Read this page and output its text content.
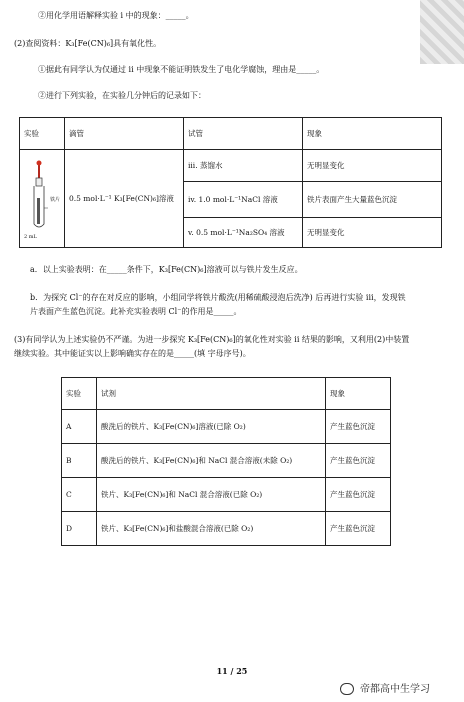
②用化学用语解释实验 i 中的现象：_____。
(2)查阅资料：K₃[Fe(CN)₆]具有氧化性。
①据此有同学认为仅通过 ii 中现象不能证明铁发生了电化学腐蚀，理由是_____。
②进行下列实验，在实验几分钟后的记录如下：
实验	滴管	试管	现象

铁片
2 mL	0.5 mol·L⁻¹ K₃[Fe(CN)₆]溶液	iii. 蒸馏水	无明显变化
		iv. 1.0 mol·L⁻¹NaCl 溶液	铁片表面产生大量蓝色沉淀
		v. 0.5 mol·L⁻¹Na₂SO₄ 溶液	无明显变化
a．以上实验表明：在_____条件下，K₃[Fe(CN)₆]溶液可以与铁片发生反应。
b．为探究 Cl⁻的存在对反应的影响，小组同学将铁片酸洗(用稀硫酸浸泡后洗净) 后再进行实验 iii，发现铁
片表面产生蓝色沉淀。此补充实验表明 Cl⁻的作用是_____。
(3)有同学认为上述实验仍不严谨。为进一步探究 K₃[Fe(CN)₆]的氧化性对实验 ii 结果的影响，又利用(2)中装置
继续实验。其中能证实以上影响确实存在的是_____(填 字母序号)。
实验	试剂	现象
A	酸洗后的铁片、K₃[Fe(CN)₆]溶液(已除 O₂)	产生蓝色沉淀
B	酸洗后的铁片、K₃[Fe(CN)₆]和 NaCl 混合溶液(未除 O₂)	产生蓝色沉淀
C	铁片、K₃[Fe(CN)₆]和 NaCl 混合溶液(已除 O₂)	产生蓝色沉淀
D	铁片、K₃[Fe(CN)₆]和盐酸混合溶液(已除 O₂)	产生蓝色沉淀
11 / 25
帝都高中生学习
